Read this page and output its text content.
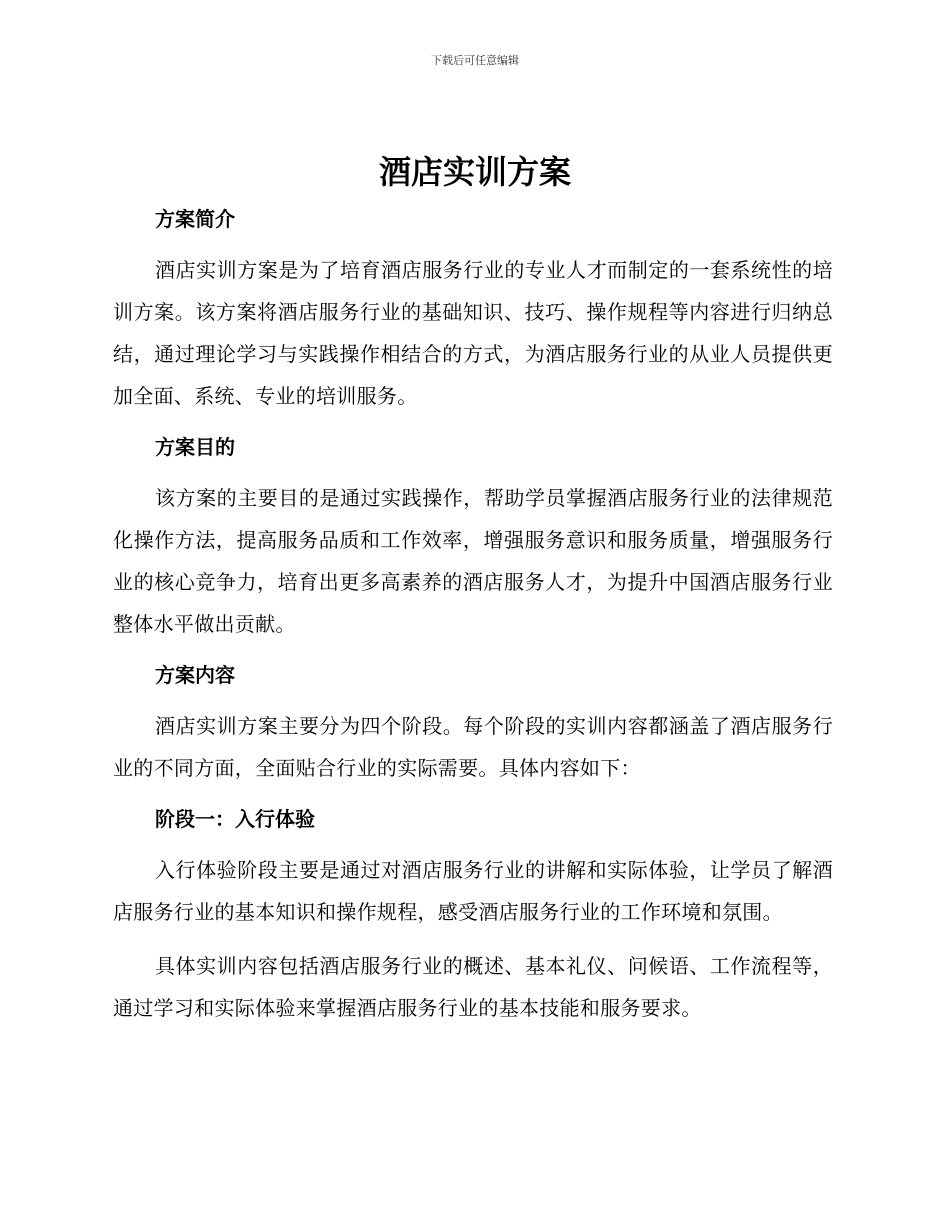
下载后可任意编辑
酒店实训方案
方案简介

酒店实训方案是为了培育酒店服务行业的专业人才而制定的一套系统性的培训方案。该方案将酒店服务行业的基础知识、技巧、操作规程等内容进行归纳总结，通过理论学习与实践操作相结合的方式，为酒店服务行业的从业人员提供更加全面、系统、专业的培训服务。

方案目的

该方案的主要目的是通过实践操作，帮助学员掌握酒店服务行业的法律规范化操作方法，提高服务品质和工作效率，增强服务意识和服务质量，增强服务行业的核心竞争力，培育出更多高素养的酒店服务人才，为提升中国酒店服务行业整体水平做出贡献。

方案内容

酒店实训方案主要分为四个阶段。每个阶段的实训内容都涵盖了酒店服务行业的不同方面，全面贴合行业的实际需要。具体内容如下：

阶段一：入行体验

入行体验阶段主要是通过对酒店服务行业的讲解和实际体验，让学员了解酒店服务行业的基本知识和操作规程，感受酒店服务行业的工作环境和氛围。

具体实训内容包括酒店服务行业的概述、基本礼仪、问候语、工作流程等，通过学习和实际体验来掌握酒店服务行业的基本技能和服务要求。
